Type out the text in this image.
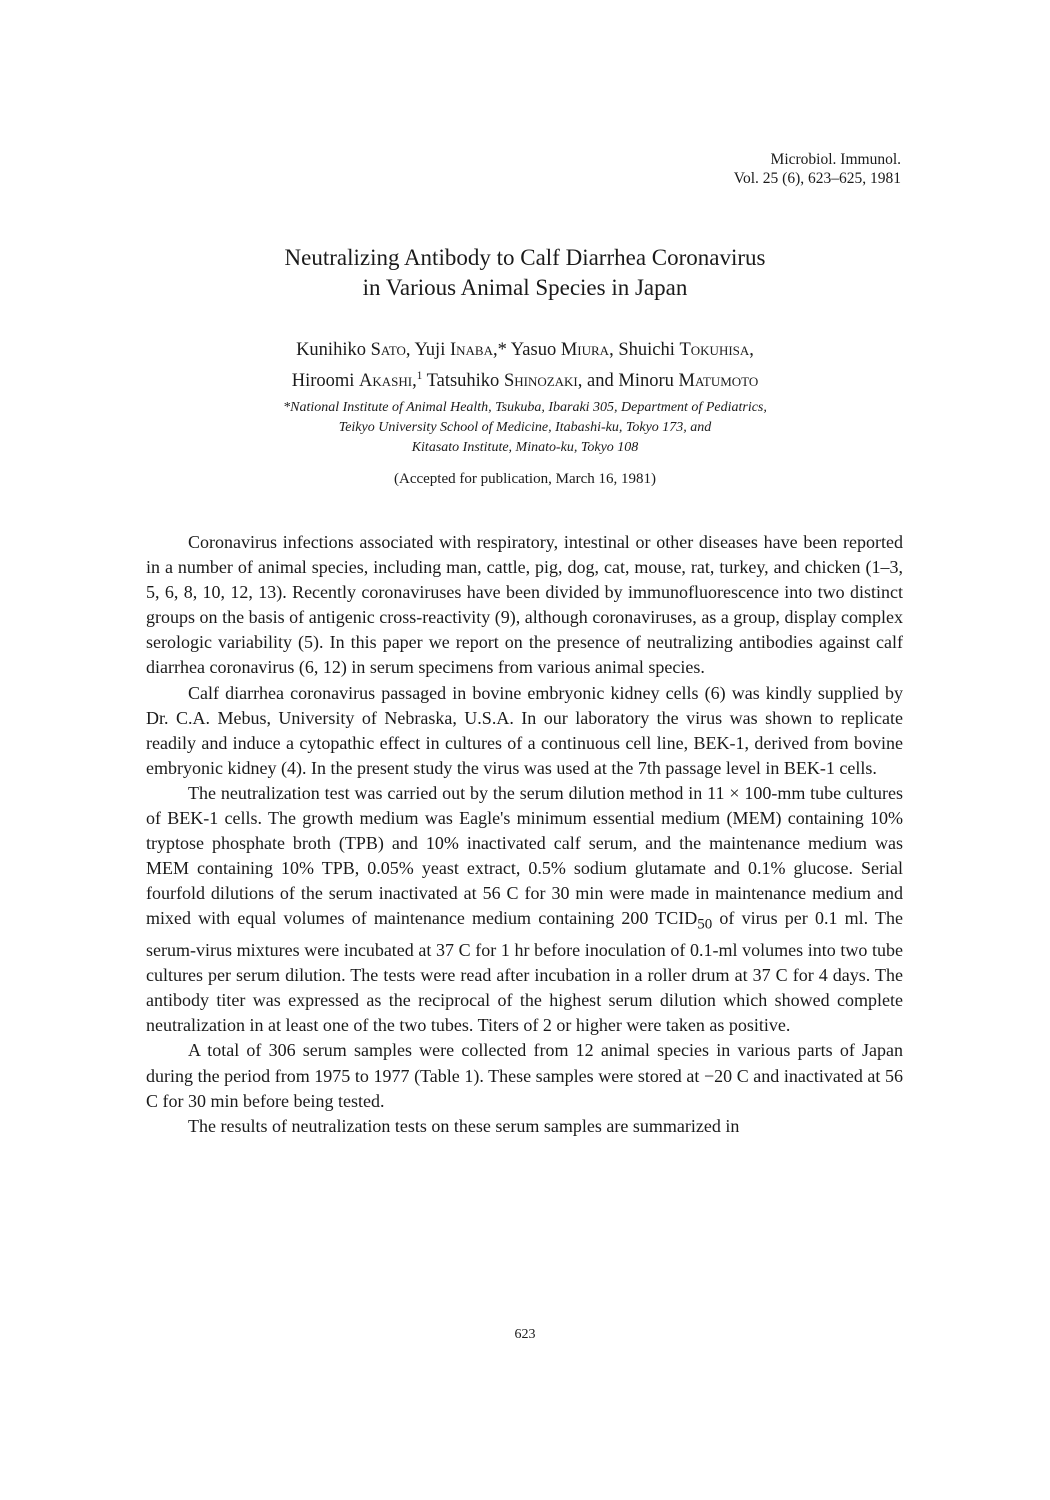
Microbiol. Immunol.
Vol. 25 (6), 623–625, 1981
Neutralizing Antibody to Calf Diarrhea Coronavirus
in Various Animal Species in Japan
Kunihiko Sato, Yuji Inaba,* Yasuo Miura, Shuichi Tokuhisa,
Hiroomi Akashi,$^1$ Tatsuhiko Shinozaki, and Minoru Matumoto
*National Institute of Animal Health, Tsukuba, Ibaraki 305, Department of Pediatrics,
Teikyo University School of Medicine, Itabashi-ku, Tokyo 173, and
Kitasato Institute, Minato-ku, Tokyo 108
(Accepted for publication, March 16, 1981)

Coronavirus infections associated with respiratory, intestinal or other diseases have been reported in a number of animal species, including man, cattle, pig, dog, cat, mouse, rat, turkey, and chicken (1–3, 5, 6, 8, 10, 12, 13). Recently coronaviruses have been divided by immunofluorescence into two distinct groups on the basis of antigenic cross-reactivity (9), although coronaviruses, as a group, display complex serologic variability (5). In this paper we report on the presence of neutralizing antibodies against calf diarrhea coronavirus (6, 12) in serum specimens from various animal species.

Calf diarrhea coronavirus passaged in bovine embryonic kidney cells (6) was kindly supplied by Dr. C.A. Mebus, University of Nebraska, U.S.A. In our laboratory the virus was shown to replicate readily and induce a cytopathic effect in cultures of a continuous cell line, BEK-1, derived from bovine embryonic kidney (4). In the present study the virus was used at the 7th passage level in BEK-1 cells.

The neutralization test was carried out by the serum dilution method in 11 × 100-mm tube cultures of BEK-1 cells. The growth medium was Eagle's minimum essential medium (MEM) containing 10% tryptose phosphate broth (TPB) and 10% inactivated calf serum, and the maintenance medium was MEM containing 10% TPB, 0.05% yeast extract, 0.5% sodium glutamate and 0.1% glucose. Serial fourfold dilutions of the serum inactivated at 56 C for 30 min were made in maintenance medium and mixed with equal volumes of maintenance medium containing 200 $TCID_{50}$ of virus per 0.1 ml. The serum-virus mixtures were incubated at 37 C for 1 hr before inoculation of 0.1-ml volumes into two tube cultures per serum dilution. The tests were read after incubation in a roller drum at 37 C for 4 days. The antibody titer was expressed as the reciprocal of the highest serum dilution which showed complete neutralization in at least one of the two tubes. Titers of 2 or higher were taken as positive.

A total of 306 serum samples were collected from 12 animal species in various parts of Japan during the period from 1975 to 1977 (Table 1). These samples were stored at −20 C and inactivated at 56 C for 30 min before being tested.

The results of neutralization tests on these serum samples are summarized in

623
